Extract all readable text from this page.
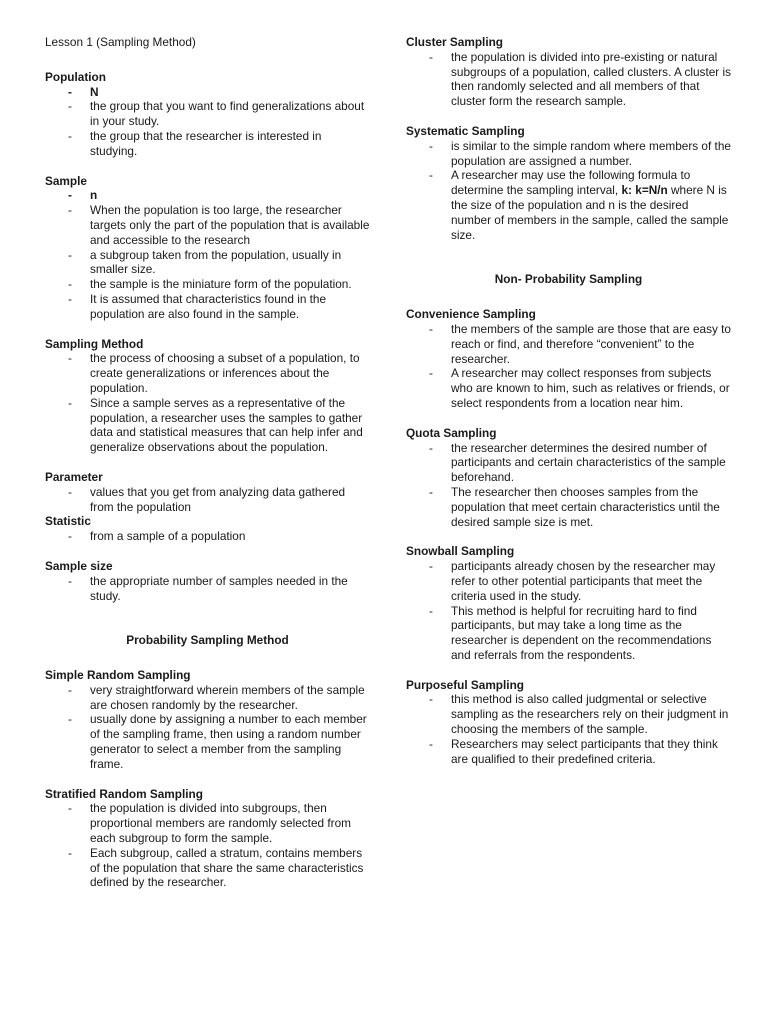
Lesson 1 (Sampling Method)
Population
- N
- the group that you want to find generalizations about in your study.
- the group that the researcher is interested in studying.
Sample
- n
- When the population is too large, the researcher targets only the part of the population that is available and accessible to the research
- a subgroup taken from the population, usually in smaller size.
- the sample is the miniature form of the population.
- It is assumed that characteristics found in the population are also found in the sample.
Sampling Method
- the process of choosing a subset of a population, to create generalizations or inferences about the population.
- Since a sample serves as a representative of the population, a researcher uses the samples to gather data and statistical measures that can help infer and generalize observations about the population.
Parameter
- values that you get from analyzing data gathered from the population
Statistic
- from a sample of a population
Sample size
- the appropriate number of samples needed in the study.
Probability Sampling Method
Simple Random Sampling
- very straightforward wherein members of the sample are chosen randomly by the researcher.
- usually done by assigning a number to each member of the sampling frame, then using a random number generator to select a member from the sampling frame.
Stratified Random Sampling
- the population is divided into subgroups, then proportional members are randomly selected from each subgroup to form the sample.
- Each subgroup, called a stratum, contains members of the population that share the same characteristics defined by the researcher.
Cluster Sampling
- the population is divided into pre-existing or natural subgroups of a population, called clusters. A cluster is then randomly selected and all members of that cluster form the research sample.
Systematic Sampling
- is similar to the simple random where members of the population are assigned a number.
- A researcher may use the following formula to determine the sampling interval, k: k=N/n where N is the size of the population and n is the desired number of members in the sample, called the sample size.
Non- Probability Sampling
Convenience Sampling
- the members of the sample are those that are easy to reach or find, and therefore “convenient” to the researcher.
- A researcher may collect responses from subjects who are known to him, such as relatives or friends, or select respondents from a location near him.
Quota Sampling
- the researcher determines the desired number of participants and certain characteristics of the sample beforehand.
- The researcher then chooses samples from the population that meet certain characteristics until the desired sample size is met.
Snowball Sampling
- participants already chosen by the researcher may refer to other potential participants that meet the criteria used in the study.
- This method is helpful for recruiting hard to find participants, but may take a long time as the researcher is dependent on the recommendations and referrals from the respondents.
Purposeful Sampling
- this method is also called judgmental or selective sampling as the researchers rely on their judgment in choosing the members of the sample.
- Researchers may select participants that they think are qualified to their predefined criteria.
